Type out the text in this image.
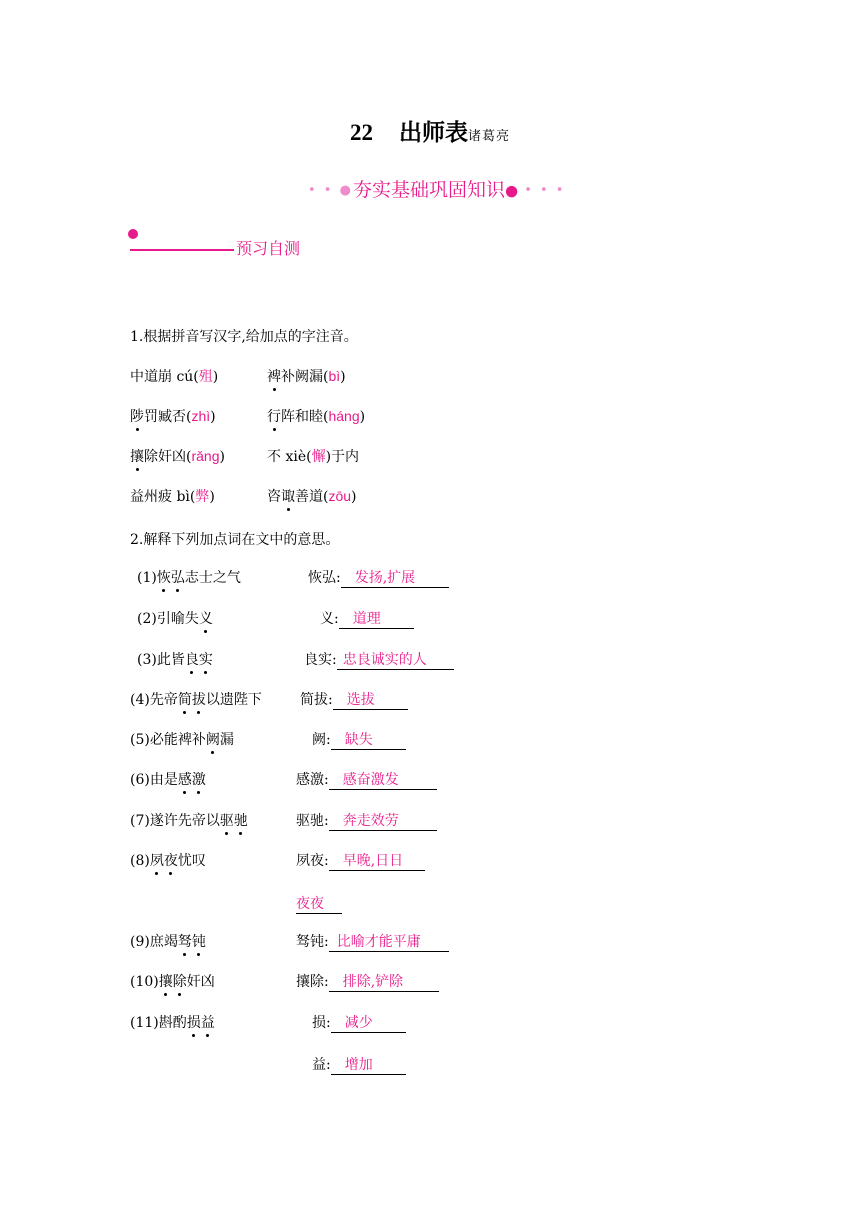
22 出师表诸葛亮
• • ●夯实基础巩固知识● • • •
预习自测
1.根据拼音写汉字,给加点的字注音。
中道崩 cú(殂)	裨补阙漏(bì)
陟罚臧否(zhì)	行阵和睦(háng)
攘除奸凶(rǎng)	不 xiè(懈)于内
益州疲 bì(弊)	咨诹善道(zōu)
2.解释下列加点词在文中的意思。
(1)恢弘志士之气	恢弘: 发扬,扩展
(2)引喻失义	义: 道理
(3)此皆良实	良实: 忠良诚实的人
(4)先帝简拔以遗陛下	简拔: 选拔
(5)必能裨补阙漏	阙: 缺失
(6)由是感激	感激: 感奋激发
(7)遂许先帝以驱驰	驱驰: 奔走效劳
(8)夙夜忧叹	夙夜: 早晚,日日
夜夜
(9)庶竭驽钝	驽钝: 比喻才能平庸
(10)攘除奸凶	攘除: 排除,铲除
(11)斟酌损益	损: 减少
益: 增加
